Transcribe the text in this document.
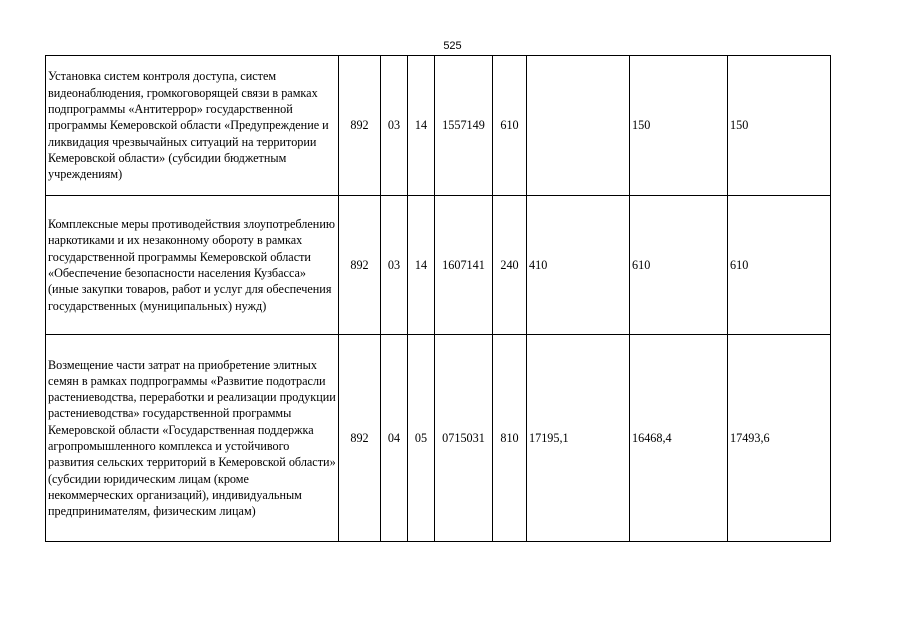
525
Установка систем контроля доступа, систем видеонаблюдения, громкоговорящей связи в рамках подпрограммы «Антитеррор» государственной программы Кемеровской области «Предупреждение и ликвидация чрезвычайных ситуаций на территории Кемеровской области» (субсидии бюджетным учреждениям)	892	03	14	1557149	610		150	150
Комплексные меры противодействия злоупотреблению наркотиками и их незаконному обороту в рамках государственной программы Кемеровской области «Обеспечение безопасности населения Кузбасса» (иные закупки товаров, работ и услуг для обеспечения государственных (муниципальных) нужд)	892	03	14	1607141	240	410	610	610
Возмещение части затрат на приобретение элитных семян в рамках подпрограммы «Развитие подотрасли растениеводства, переработки и реализации продукции растениеводства» государственной программы Кемеровской области «Государственная поддержка агропромышленного комплекса и устойчивого развития сельских территорий в Кемеровской области» (субсидии юридическим лицам (кроме некоммерческих организаций), индивидуальным предпринимателям, физическим лицам)	892	04	05	0715031	810	17195,1	16468,4	17493,6
